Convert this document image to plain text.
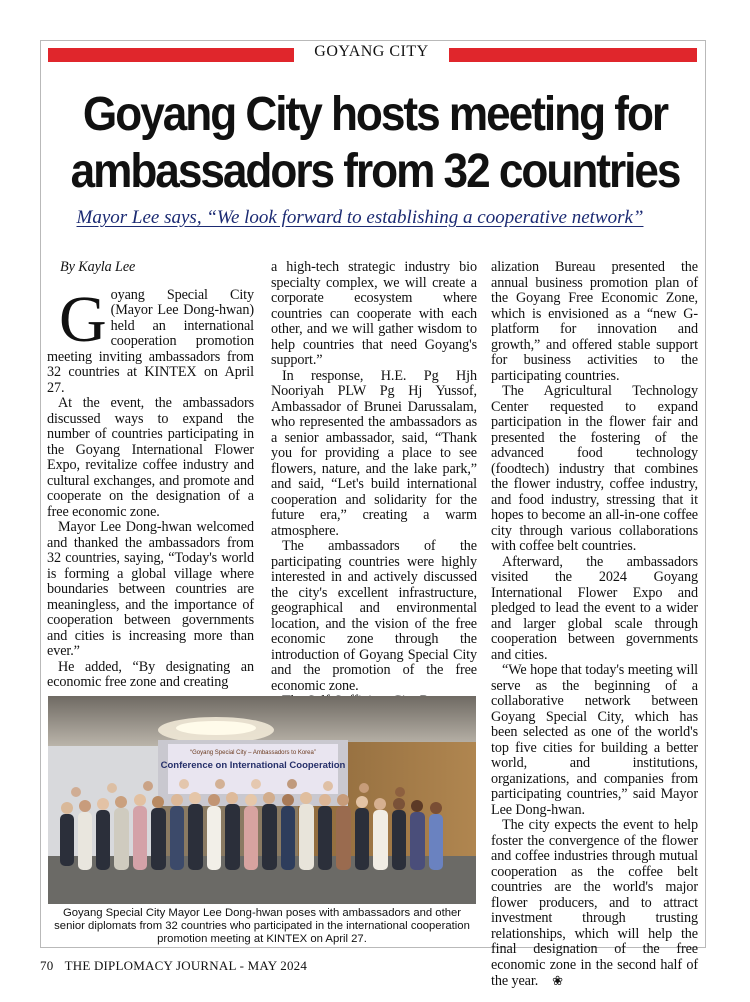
GOYANG CITY
Goyang City hosts meeting for ambassadors from 32 countries
Mayor Lee says, “We look forward to establishing a cooperative network”

By Kayla Lee

Goyang Special City (Mayor Lee Dong-hwan) held an international cooperation promotion meeting inviting ambassadors from 32 countries at KINTEX on April 27.

At the event, the ambassadors discussed ways to expand the number of countries participating in the Goyang International Flower Expo, revitalize coffee industry and cultural exchanges, and promote and cooperate on the designation of a free economic zone.

Mayor Lee Dong-hwan welcomed and thanked the ambassadors from 32 countries, saying, “Today's world is forming a global village where boundaries between countries are meaningless, and the importance of cooperation between governments and cities is increasing more than ever.”

He added, “By designating an economic free zone and creating

a high-tech strategic industry bio specialty complex, we will create a corporate ecosystem where countries can cooperate with each other, and we will gather wisdom to help countries that need Goyang's support.”

In response, H.E. Pg Hjh Nooriyah PLW Pg Hj Yussof, Ambassador of Brunei Darussalam, who represented the ambassadors as a senior ambassador, said, “Thank you for providing a place to see flowers, nature, and the lake park,” and said, “Let's build international cooperation and solidarity for the future era,” creating a warm atmosphere.

The ambassadors of the participating countries were highly interested in and actively discussed the city's excellent infrastructure, geographical and environmental location, and the vision of the free economic zone through the introduction of Goyang Special City and the promotion of the free economic zone.

alization Bureau presented the annual business promotion plan of the Goyang Free Economic Zone, which is envisioned as a “new G-platform for innovation and growth,” and offered stable support for business activities to the participating countries.

The Agricultural Technology Center requested to expand participation in the flower fair and presented the fostering of the advanced food technology (foodtech) industry that combines the flower industry, coffee industry, and food industry, stressing that it hopes to become an all-in-one coffee city through various collaborations with coffee belt countries.

Afterward, the ambassadors visited the 2024 Goyang International Flower Expo and pledged to lead the event to a wider and larger global scale through cooperation between governments and cities.

“We hope that today's meeting will serve as the beginning of a collaborative network between Goyang Special City, which has been selected as one of the world's top five cities for building a better world, and institutions, organizations, and companies from participating countries,” said Mayor Lee Dong-hwan.

The city expects the event to help foster the convergence of the flower and coffee industries through mutual cooperation as the coffee belt countries are the world's major flower producers, and to attract investment through trusting relationships, which will help the final designation of the free economic zone in the second half of the year. ❀

“Goyang Special City – Ambassadors to Korea”
Conference on International Cooperation
Goyang Special City Mayor Lee Dong-hwan poses with ambassadors and other senior diplomats from 32 countries who participated in the international cooperation promotion meeting at KINTEX on April 27.
70 THE DIPLOMACY JOURNAL - MAY 2024
